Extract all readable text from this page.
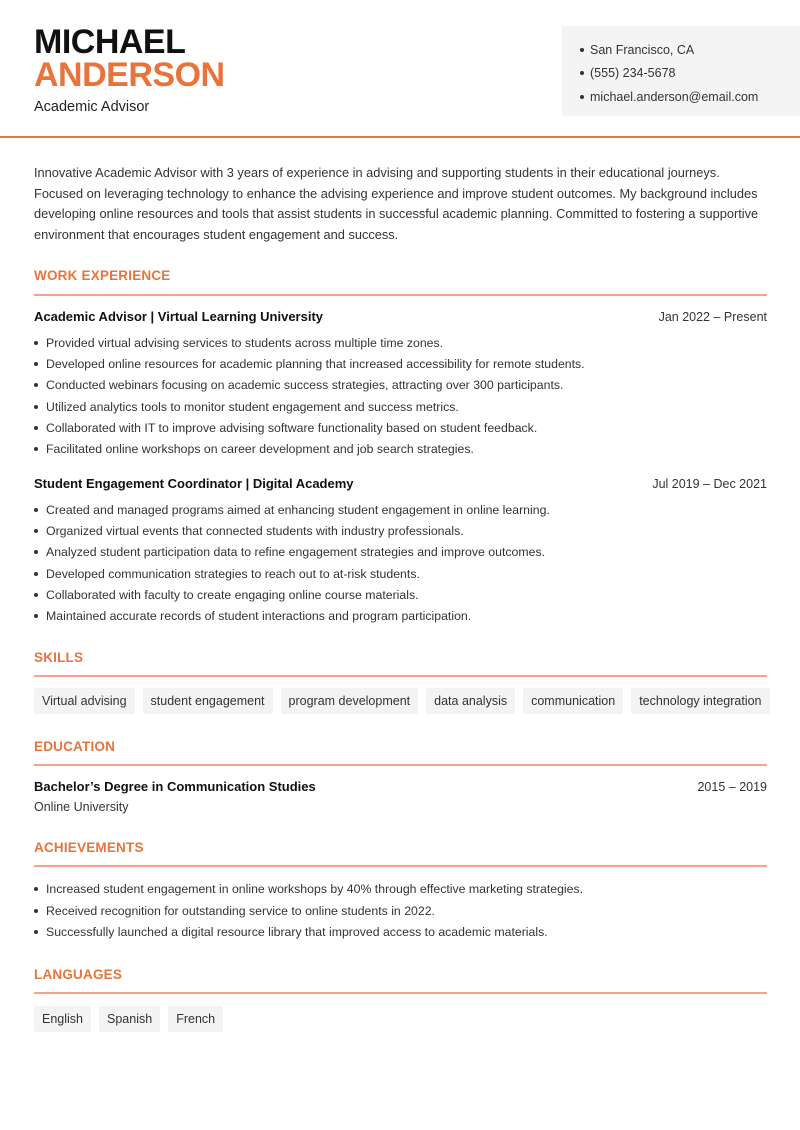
MICHAEL
ANDERSON
Academic Advisor
San Francisco, CA
(555) 234-5678
michael.anderson@email.com

Innovative Academic Advisor with 3 years of experience in advising and supporting students in their educational journeys. Focused on leveraging technology to enhance the advising experience and improve student outcomes. My background includes developing online resources and tools that assist students in successful academic planning. Committed to fostering a supportive environment that encourages student engagement and success.

WORK EXPERIENCE
Academic Advisor | Virtual Learning University	Jan 2022 – Present
Provided virtual advising services to students across multiple time zones.
Developed online resources for academic planning that increased accessibility for remote students.
Conducted webinars focusing on academic success strategies, attracting over 300 participants.
Utilized analytics tools to monitor student engagement and success metrics.
Collaborated with IT to improve advising software functionality based on student feedback.
Facilitated online workshops on career development and job search strategies.
Student Engagement Coordinator | Digital Academy	Jul 2019 – Dec 2021
Created and managed programs aimed at enhancing student engagement in online learning.
Organized virtual events that connected students with industry professionals.
Analyzed student participation data to refine engagement strategies and improve outcomes.
Developed communication strategies to reach out to at-risk students.
Collaborated with faculty to create engaging online course materials.
Maintained accurate records of student interactions and program participation.
SKILLS
Virtual advising	student engagement	program development	data analysis	communication	technology integration
EDUCATION
Bachelor’s Degree in Communication Studies	2015 – 2019
Online University
ACHIEVEMENTS
Increased student engagement in online workshops by 40% through effective marketing strategies.
Received recognition for outstanding service to online students in 2022.
Successfully launched a digital resource library that improved access to academic materials.
LANGUAGES
English	Spanish	French
